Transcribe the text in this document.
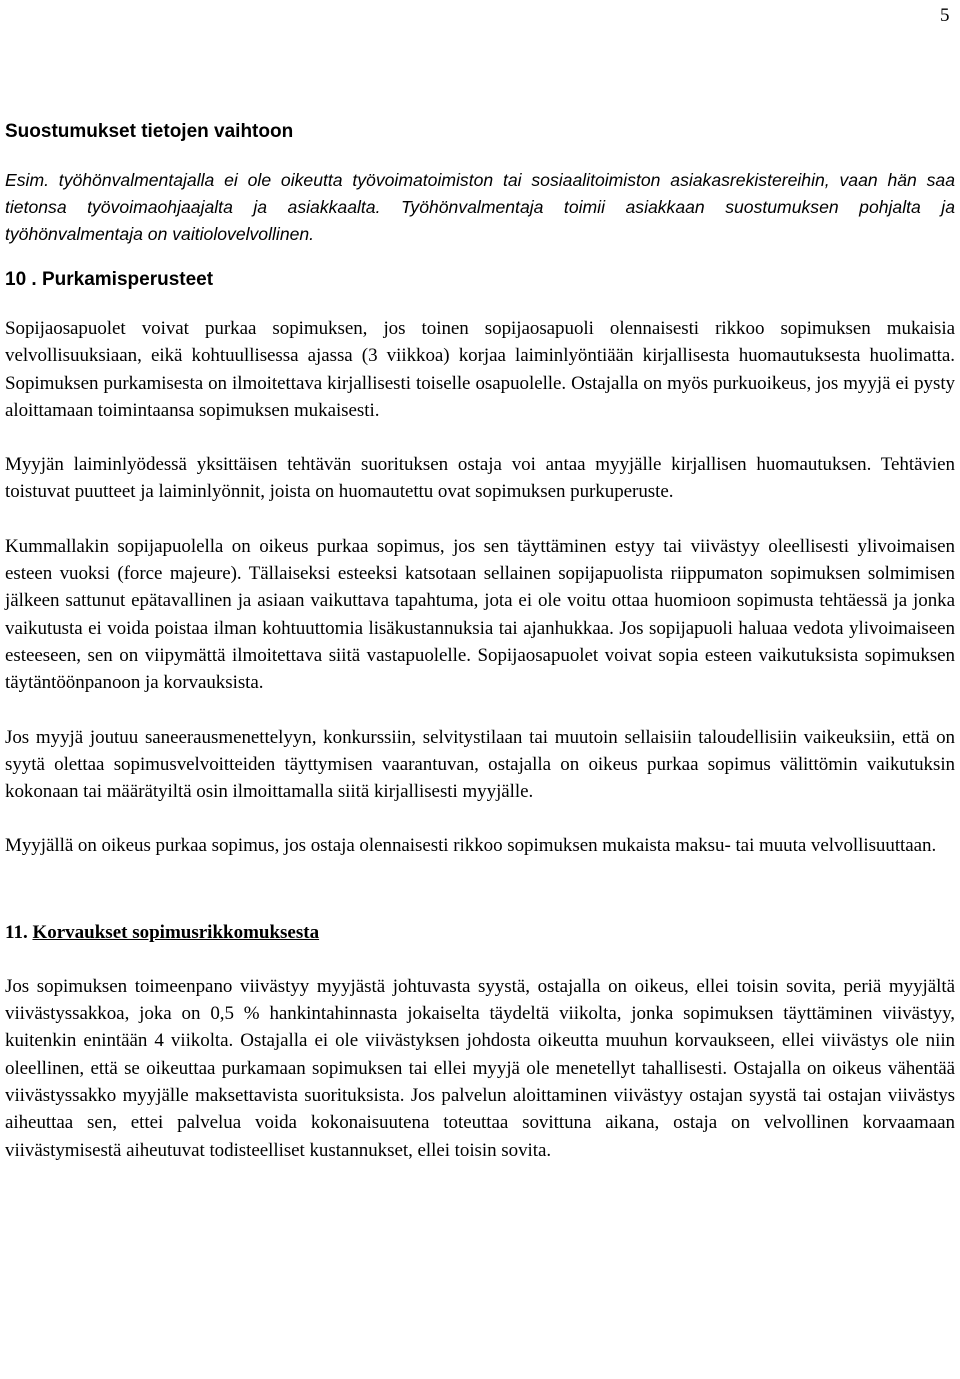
5
Suostumukset tietojen vaihtoon

Esim. työhönvalmentajalla ei ole oikeutta työvoimatoimiston tai sosiaalitoimiston asiakasrekistereihin, vaan hän saa tietonsa työvoimaohjaajalta ja asiakkaalta. Työhönvalmentaja toimii asiakkaan suostumuksen pohjalta ja työhönvalmentaja on vaitiolovelvollinen.

10 . Purkamisperusteet

Sopijaosapuolet voivat purkaa sopimuksen, jos toinen sopijaosapuoli olennaisesti rikkoo sopimuksen mukaisia velvollisuuksiaan, eikä kohtuullisessa ajassa (3 viikkoa) korjaa laiminlyöntiään kirjallisesta huomautuksesta huolimatta. Sopimuksen purkamisesta on ilmoitettava kirjallisesti toiselle osapuolelle. Ostajalla on myös purkuoikeus, jos myyjä ei pysty aloittamaan toimintaansa sopimuksen mukaisesti.

Myyjän laiminlyödessä yksittäisen tehtävän suorituksen ostaja voi antaa myyjälle kirjallisen huomautuksen. Tehtävien toistuvat puutteet ja laiminlyönnit, joista on huomautettu ovat sopimuksen purkuperuste.

Kummallakin sopijapuolella on oikeus purkaa sopimus, jos sen täyttäminen estyy tai viivästyy oleellisesti ylivoimaisen esteen vuoksi (force majeure). Tällaiseksi esteeksi katsotaan sellainen sopijapuolista riippumaton sopimuksen solmimisen jälkeen sattunut epätavallinen ja asiaan vaikuttava tapahtuma, jota ei ole voitu ottaa huomioon sopimusta tehtäessä ja jonka vaikutusta ei voida poistaa ilman kohtuuttomia lisäkustannuksia tai ajanhukkaa. Jos sopijapuoli haluaa vedota ylivoimaiseen esteeseen, sen on viipymättä ilmoitettava siitä vastapuolelle. Sopijaosapuolet voivat sopia esteen vaikutuksista sopimuksen täytäntöönpanoon ja korvauksista.

Jos myyjä joutuu saneerausmenettelyyn, konkurssiin, selvitystilaan tai muutoin sellaisiin taloudellisiin vaikeuksiin, että on syytä olettaa sopimusvelvoitteiden täyttymisen vaarantuvan, ostajalla on oikeus purkaa sopimus välittömin vaikutuksin kokonaan tai määrätyiltä osin ilmoittamalla siitä kirjallisesti myyjälle.

Myyjällä on oikeus purkaa sopimus, jos ostaja olennaisesti rikkoo sopimuksen mukaista maksu- tai muuta velvollisuuttaan.

11. Korvaukset sopimusrikkomuksesta

Jos sopimuksen toimeenpano viivästyy myyjästä johtuvasta syystä, ostajalla on oikeus, ellei toisin sovita, periä myyjältä viivästyssakkoa, joka on 0,5 % hankintahinnasta jokaiselta täydeltä viikolta, jonka sopimuksen täyttäminen viivästyy, kuitenkin enintään 4 viikolta. Ostajalla ei ole viivästyksen johdosta oikeutta muuhun korvaukseen, ellei viivästys ole niin oleellinen, että se oikeuttaa purkamaan sopimuksen tai ellei myyjä ole menetellyt tahallisesti. Ostajalla on oikeus vähentää viivästyssakko myyjälle maksettavista suorituksista. Jos palvelun aloittaminen viivästyy ostajan syystä tai ostajan viivästys aiheuttaa sen, ettei palvelua voida kokonaisuutena toteuttaa sovittuna aikana, ostaja on velvollinen korvaamaan viivästymisestä aiheutuvat todisteelliset kustannukset, ellei toisin sovita.
